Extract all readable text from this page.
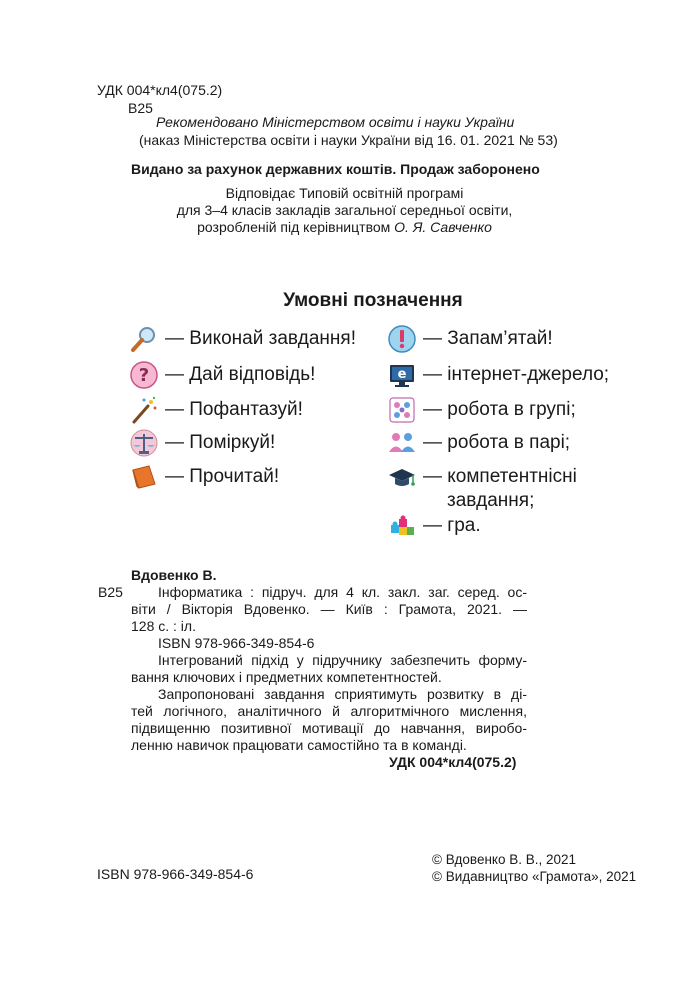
УДК 004*кл4(075.2)
В25
Рекомендовано Міністерством освіти і науки України
(наказ Міністерства освіти і науки України від 16. 01. 2021 № 53)
Видано за рахунок державних коштів. Продаж заборонено
Відповідає Типовій освітній програмі
для 3–4 класів закладів загальної середньої освіти,
розробленій під керівництвом О. Я. Савченко
Умовні позначення
— Виконай завдання!
? — Дай відповідь!
— Пофантазуй!
— Поміркуй!
— Прочитай!
— Запам’ятай!
e — інтернет-джерело;
— робота в групі;
— робота в парі;
— компетентнісні
завдання;
— гра.
Вдовенко В.
В25	Інформатика : підруч. для 4 кл. закл. заг. серед. ос-
віти / Вікторія Вдовенко. — Київ : Грамота, 2021. —
128 с. : іл.
ISBN 978-966-349-854-6
Інтегрований підхід у підручнику забезпечить форму-
вання ключових і предметних компетентностей.
Запропоновані завдання сприятимуть розвитку в ді-
тей логічного, аналітичного й алгоритмічного мислення,
підвищенню позитивної мотивації до навчання, виробо-
ленню навичок працювати самостійно та в команді.
УДК 004*кл4(075.2)
ISBN 978-966-349-854-6
© Вдовенко В. В., 2021
© Видавництво «Грамота», 2021
